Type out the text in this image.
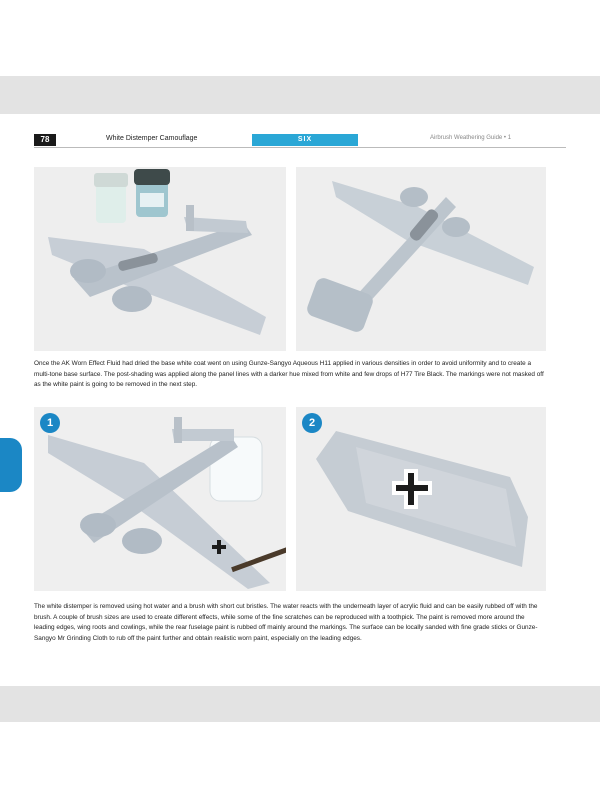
78	White Distemper Camouflage	SIX	Airbrush Weathering Guide • 1
1	2
Once the AK Worn Effect Fluid had dried the base white coat went on using Gunze-Sangyo Aqueous H11 applied in various densities in order to avoid uniformity and to create a multi-tone base surface. The post-shading was applied along the panel lines with a darker hue mixed from white and few drops of H77 Tire Black. The markings were not masked off as the white paint is going to be removed in the next step.
The white distemper is removed using hot water and a brush with short cut bristles. The water reacts with the underneath layer of acrylic fluid and can be easily rubbed off with the brush. A couple of brush sizes are used to create different effects, while some of the fine scratches can be reproduced with a toothpick. The paint is removed more around the leading edges, wing roots and cowlings, while the rear fuselage paint is rubbed off mainly around the markings. The surface can be locally sanded with fine grade sticks or Gunze-Sangyo Mr Grinding Cloth to rub off the paint further and obtain realistic worn paint, especially on the leading edges.
